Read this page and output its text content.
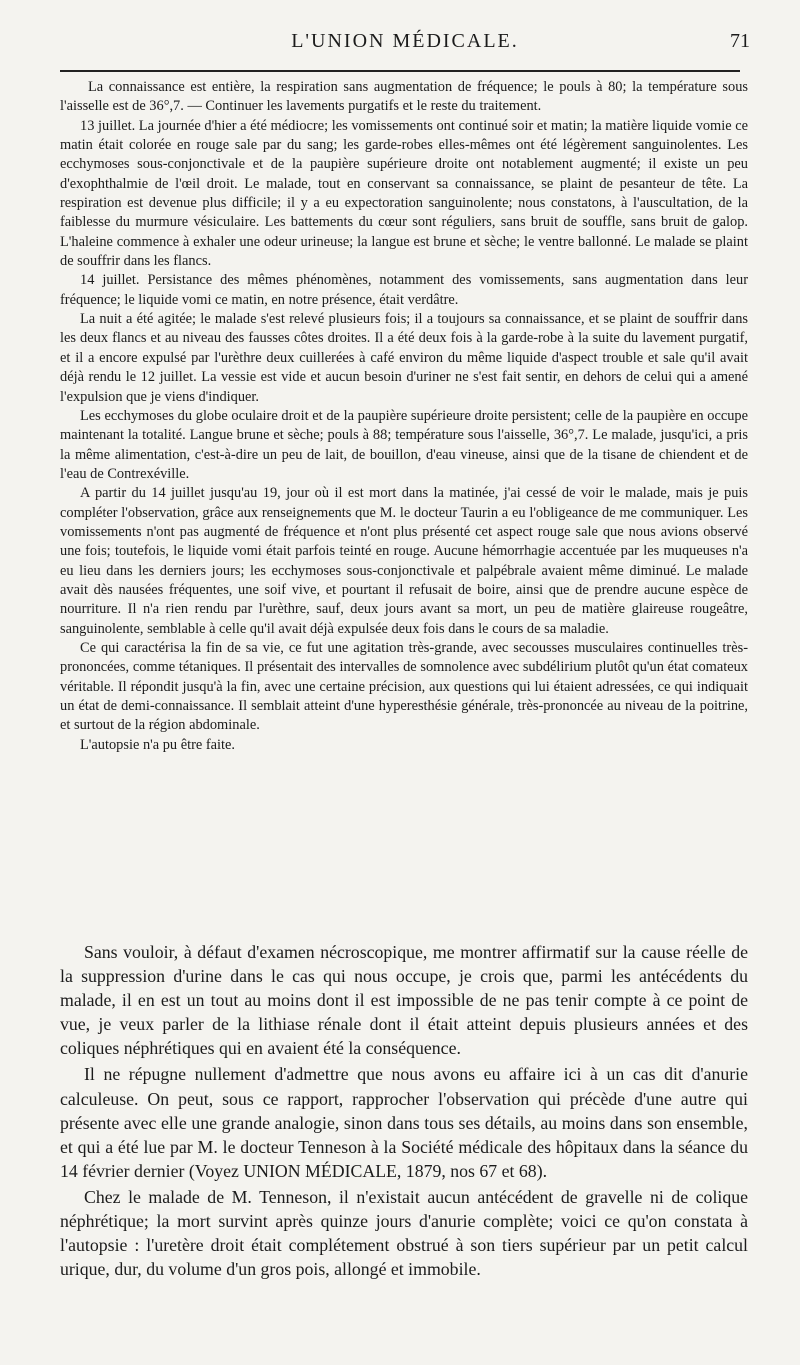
L'UNION MÉDICALE.	71

La connaissance est entière, la respiration sans augmentation de fréquence; le pouls à 80; la température sous l'aisselle est de 36°,7. — Continuer les lavements purgatifs et le reste du traitement.

13 juillet. La journée d'hier a été médiocre; les vomissements ont continué soir et matin; la matière liquide vomie ce matin était colorée en rouge sale par du sang; les garde-robes elles-mêmes ont été légèrement sanguinolentes. Les ecchymoses sous-conjonctivale et de la paupière supérieure droite ont notablement augmenté; il existe un peu d'exophthalmie de l'œil droit. Le malade, tout en conservant sa connaissance, se plaint de pesanteur de tête. La respiration est devenue plus difficile; il y a eu expectoration sanguinolente; nous constatons, à l'auscultation, de la faiblesse du murmure vésiculaire. Les battements du cœur sont réguliers, sans bruit de souffle, sans bruit de galop. L'haleine commence à exhaler une odeur urineuse; la langue est brune et sèche; le ventre ballonné. Le malade se plaint de souffrir dans les flancs.

14 juillet. Persistance des mêmes phénomènes, notamment des vomissements, sans augmentation dans leur fréquence; le liquide vomi ce matin, en notre présence, était verdâtre.

La nuit a été agitée; le malade s'est relevé plusieurs fois; il a toujours sa connaissance, et se plaint de souffrir dans les deux flancs et au niveau des fausses côtes droites. Il a été deux fois à la garde-robe à la suite du lavement purgatif, et il a encore expulsé par l'urèthre deux cuillerées à café environ du même liquide d'aspect trouble et sale qu'il avait déjà rendu le 12 juillet. La vessie est vide et aucun besoin d'uriner ne s'est fait sentir, en dehors de celui qui a amené l'expulsion que je viens d'indiquer.

Les ecchymoses du globe oculaire droit et de la paupière supérieure droite persistent; celle de la paupière en occupe maintenant la totalité. Langue brune et sèche; pouls à 88; température sous l'aisselle, 36°,7. Le malade, jusqu'ici, a pris la même alimentation, c'est-à-dire un peu de lait, de bouillon, d'eau vineuse, ainsi que de la tisane de chiendent et de l'eau de Contrexéville.

A partir du 14 juillet jusqu'au 19, jour où il est mort dans la matinée, j'ai cessé de voir le malade, mais je puis compléter l'observation, grâce aux renseignements que M. le docteur Taurin a eu l'obligeance de me communiquer. Les vomissements n'ont pas augmenté de fréquence et n'ont plus présenté cet aspect rouge sale que nous avions observé une fois; toutefois, le liquide vomi était parfois teinté en rouge. Aucune hémorrhagie accentuée par les muqueuses n'a eu lieu dans les derniers jours; les ecchymoses sous-conjonctivale et palpébrale avaient même diminué. Le malade avait dès nausées fréquentes, une soif vive, et pourtant il refusait de boire, ainsi que de prendre aucune espèce de nourriture. Il n'a rien rendu par l'urèthre, sauf, deux jours avant sa mort, un peu de matière glaireuse rougeâtre, sanguinolente, semblable à celle qu'il avait déjà expulsée deux fois dans le cours de sa maladie.

Ce qui caractérisa la fin de sa vie, ce fut une agitation très-grande, avec secousses musculaires continuelles très-prononcées, comme tétaniques. Il présentait des intervalles de somnolence avec subdélirium plutôt qu'un état comateux véritable. Il répondit jusqu'à la fin, avec une certaine précision, aux questions qui lui étaient adressées, ce qui indiquait un état de demi-connaissance. Il semblait atteint d'une hyperesthésie générale, très-prononcée au niveau de la poitrine, et surtout de la région abdominale.

L'autopsie n'a pu être faite.

Sans vouloir, à défaut d'examen nécroscopique, me montrer affirmatif sur la cause réelle de la suppression d'urine dans le cas qui nous occupe, je crois que, parmi les antécédents du malade, il en est un tout au moins dont il est impossible de ne pas tenir compte à ce point de vue, je veux parler de la lithiase rénale dont il était atteint depuis plusieurs années et des coliques néphrétiques qui en avaient été la conséquence.

Il ne répugne nullement d'admettre que nous avons eu affaire ici à un cas dit d'anurie calculeuse. On peut, sous ce rapport, rapprocher l'observation qui précède d'une autre qui présente avec elle une grande analogie, sinon dans tous ses détails, au moins dans son ensemble, et qui a été lue par M. le docteur Tenneson à la Société médicale des hôpitaux dans la séance du 14 février dernier (Voyez UNION MÉDICALE, 1879, nos 67 et 68).

Chez le malade de M. Tenneson, il n'existait aucun antécédent de gravelle ni de colique néphrétique; la mort survint après quinze jours d'anurie complète; voici ce qu'on constata à l'autopsie : l'uretère droit était complétement obstrué à son tiers supérieur par un petit calcul urique, dur, du volume d'un gros pois, allongé et immobile.
